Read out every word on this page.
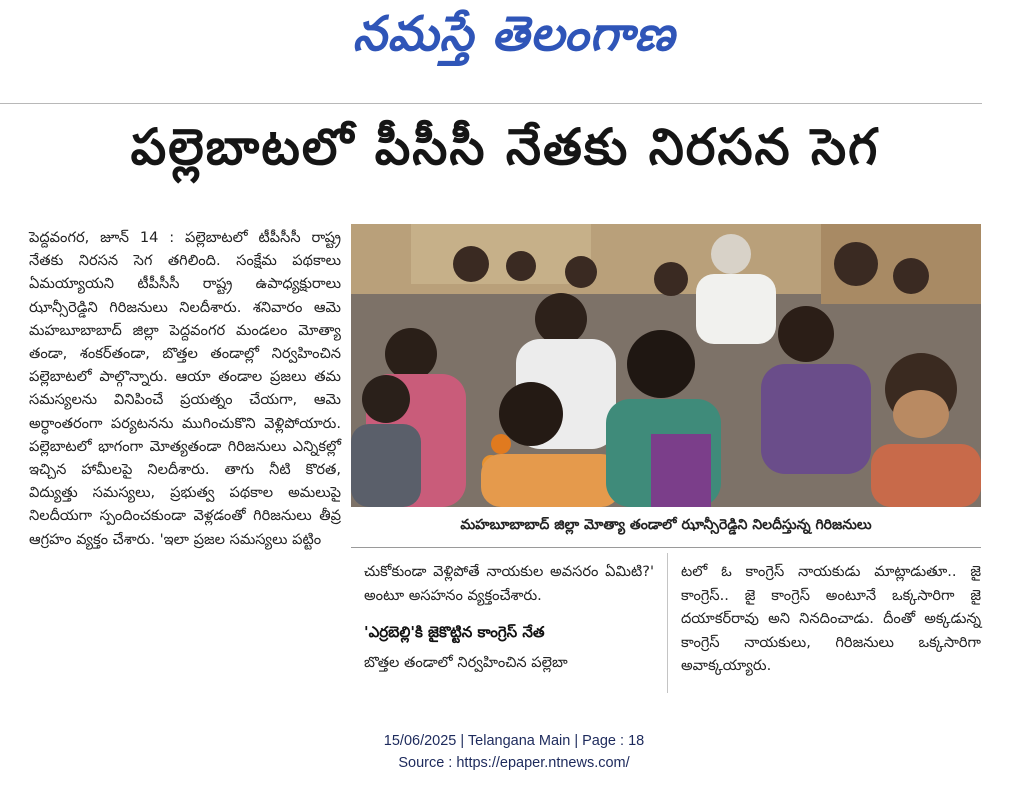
నమస్తే తెలంగాణ
పల్లెబాటలో పీసీసీ నేతకు నిరసన సెగ

పెద్దవంగర, జూన్ 14 : పల్లెబాటలో టీపీసీసీ రాష్ట్ర నేతకు నిరసన సెగ తగిలింది. సంక్షేమ పథకాలు ఏమయ్యాయని టీపీసీసీ రాష్ట్ర ఉపాధ్యక్షురాలు ఝాన్సీరెడ్డిని గిరిజనులు నిలదీశారు. శనివారం ఆమె మహబూబాబాద్ జిల్లా పెద్దవంగర మండలం మోత్యా తండా, శంకర్‌తండా, బొత్తల తండాల్లో నిర్వహించిన పల్లెబాటలో పాల్గొన్నారు. ఆయా తండాల ప్రజలు తమ సమస్యలను వినిపించే ప్రయత్నం చేయగా, ఆమె అర్ధాంతరంగా పర్యటనను ముగించుకొని వెళ్లిపోయారు. పల్లెబాటలో భాగంగా మోత్యతండా గిరిజనులు ఎన్నికల్లో ఇచ్చిన హామీలపై నిలదీశారు. తాగు నీటి కొరత, విద్యుత్తు సమస్యలు, ప్రభుత్వ పథకాల అమలుపై నిలదీయగా స్పందించకుండా వెళ్లడంతో గిరిజనులు తీవ్ర ఆగ్రహం వ్యక్తం చేశారు. 'ఇలా ప్రజల సమస్యలు పట్టిం

మహబూబాబాద్ జిల్లా మోత్యా తండాలో ఝాన్సీరెడ్డిని నిలదీస్తున్న గిరిజనులు

చుకోకుండా వెళ్లిపోతే నాయకుల అవసరం ఏమిటి?' అంటూ అసహనం వ్యక్తంచేశారు.

'ఎర్రబెల్లి'కి జైకొట్టిన కాంగ్రెస్ నేత

బొత్తల తండాలో నిర్వహించిన పల్లెబా

టలో ఓ కాంగ్రెస్ నాయకుడు మాట్లాడుతూ.. జై కాంగ్రెస్.. జై కాంగ్రెస్ అంటూనే ఒక్కసారిగా జై దయాకర్‌రావు అని నినదించాడు. దీంతో అక్కడున్న కాంగ్రెస్ నాయకులు, గిరిజనులు ఒక్కసారిగా అవాక్కయ్యారు.

15/06/2025 | Telangana Main | Page : 18
Source : https://epaper.ntnews.com/
